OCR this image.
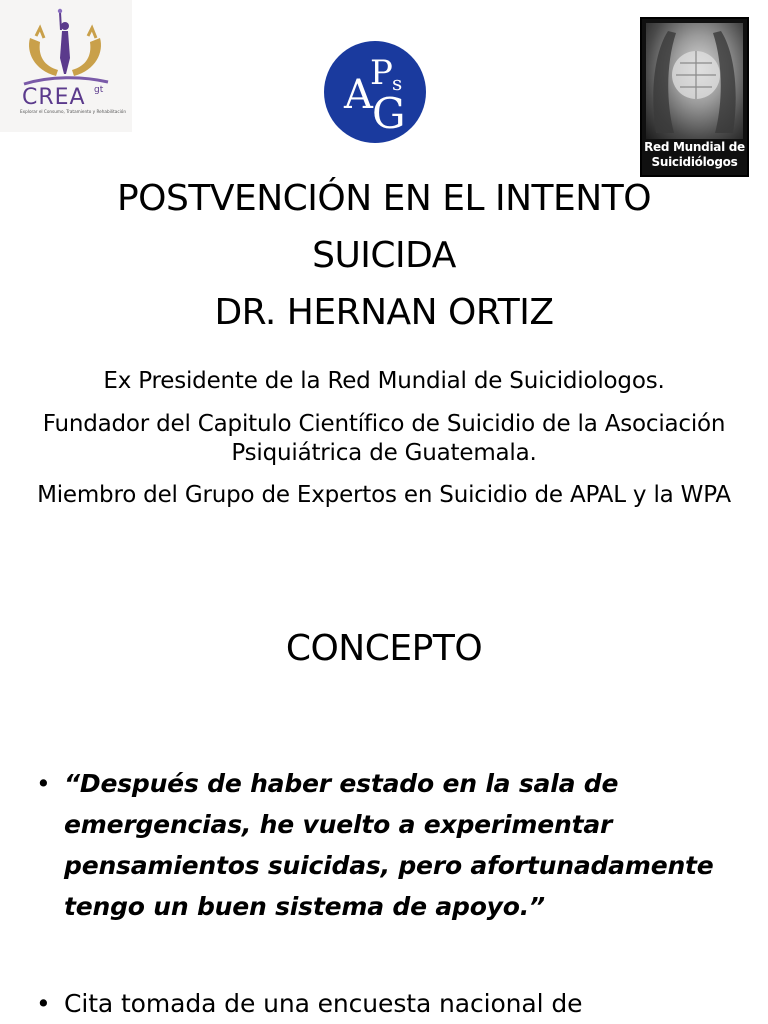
CREA gt
Explorar el Consumo, Tratamiento y Rehabilitación	A
P s
G
Red Mundial de
Suicidiólogos
POSTVENCIÓN EN EL INTENTO
SUICIDA
DR. HERNAN ORTIZ

Ex Presidente de la Red Mundial de Suicidiologos.

Fundador del Capitulo Científico de Suicidio de la Asociación Psiquiátrica de Guatemala.

Miembro del Grupo de Expertos en Suicidio de APAL y la WPA

CONCEPTO
• “Después de haber estado en la sala de emergencias, he vuelto a experimentar pensamientos suicidas, pero afortunadamente tengo un buen sistema de apoyo.”
• Cita tomada de una encuesta nacional de
